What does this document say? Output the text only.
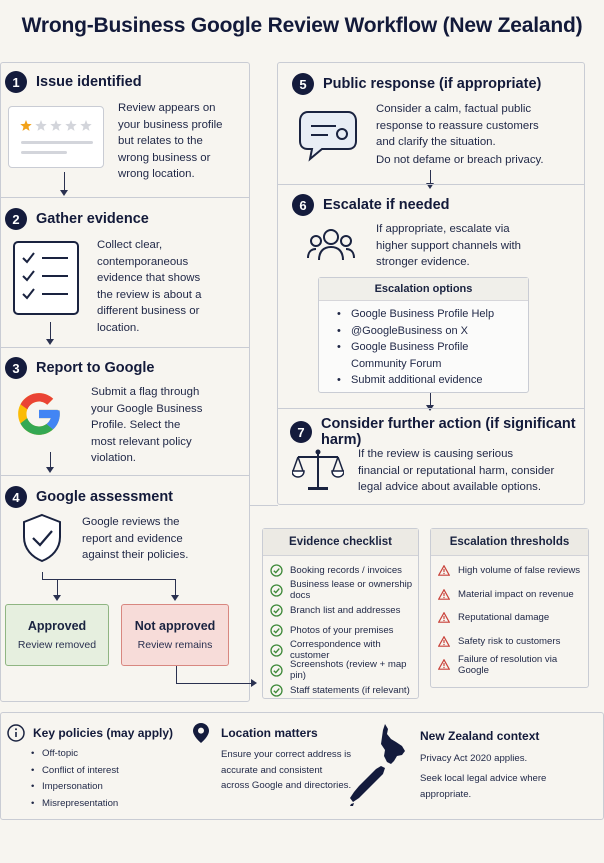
Wrong-Business Google Review Workflow (New Zealand)
1	Issue identified
Review appears on your business profile but relates to the wrong business or wrong location.
2	Gather evidence
Collect clear, contemporaneous evidence that shows the review is about a different business or location.
3	Report to Google
Submit a flag through your Google Business Profile. Select the most relevant policy violation.
4	Google assessment
Google reviews the report and evidence against their policies.
Approved
Review removed
Not approved
Review remains
5	Public response (if appropriate)
Consider a calm, factual public response to reassure customers and clarify the situation.
Do not defame or breach privacy.
6	Escalate if needed
If appropriate, escalate via higher support channels with stronger evidence.
Escalation options
• Google Business Profile Help
• @GoogleBusiness on X
• Google Business Profile Community Forum
• Submit additional evidence
7	Consider further action (if significant harm)
If the review is causing serious financial or reputational harm, consider legal advice about available options.
Evidence checklist
Booking records / invoices
Business lease or ownership docs
Branch list and addresses
Photos of your premises
Correspondence with customer
Screenshots (review + map pin)
Staff statements (if relevant)
Escalation thresholds
High volume of false reviews
Material impact on revenue
Reputational damage
Safety risk to customers
Failure of resolution via Google
Key policies (may apply)
• Off-topic
• Conflict of interest
• Impersonation
• Misrepresentation
Location matters
Ensure your correct address is accurate and consistent across Google and directories.
New Zealand context
Privacy Act 2020 applies.
Seek local legal advice where appropriate.
